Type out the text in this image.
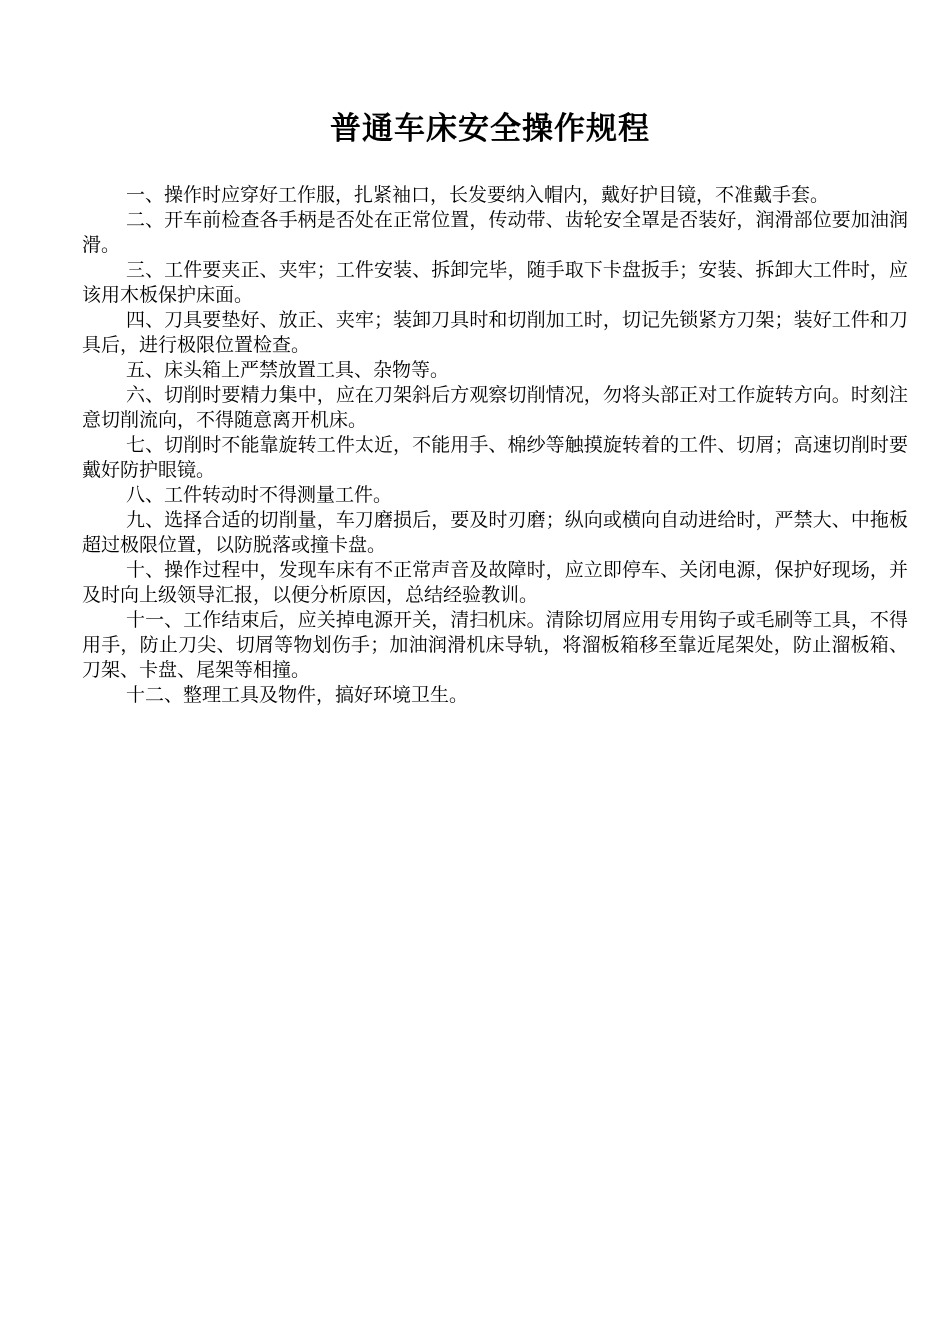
普通车床安全操作规程

一、操作时应穿好工作服，扎紧袖口，长发要纳入帽内，戴好护目镜，不准戴手套。

二、开车前检查各手柄是否处在正常位置，传动带、齿轮安全罩是否装好，润滑部位要加油润滑。

三、工件要夹正、夹牢；工件安装、拆卸完毕，随手取下卡盘扳手；安装、拆卸大工件时，应该用木板保护床面。

四、刀具要垫好、放正、夹牢；装卸刀具时和切削加工时，切记先锁紧方刀架；装好工件和刀具后，进行极限位置检查。

五、床头箱上严禁放置工具、杂物等。

六、切削时要精力集中，应在刀架斜后方观察切削情况，勿将头部正对工作旋转方向。时刻注意切削流向，不得随意离开机床。

七、切削时不能靠旋转工件太近，不能用手、棉纱等触摸旋转着的工件、切屑；高速切削时要戴好防护眼镜。

八、工件转动时不得测量工件。

九、选择合适的切削量，车刀磨损后，要及时刃磨；纵向或横向自动进给时，严禁大、中拖板超过极限位置，以防脱落或撞卡盘。

十、操作过程中，发现车床有不正常声音及故障时，应立即停车、关闭电源，保护好现场，并及时向上级领导汇报，以便分析原因，总结经验教训。

十一、工作结束后，应关掉电源开关，清扫机床。清除切屑应用专用钩子或毛刷等工具，不得用手，防止刀尖、切屑等物划伤手；加油润滑机床导轨，将溜板箱移至靠近尾架处，防止溜板箱、刀架、卡盘、尾架等相撞。

十二、整理工具及物件，搞好环境卫生。
